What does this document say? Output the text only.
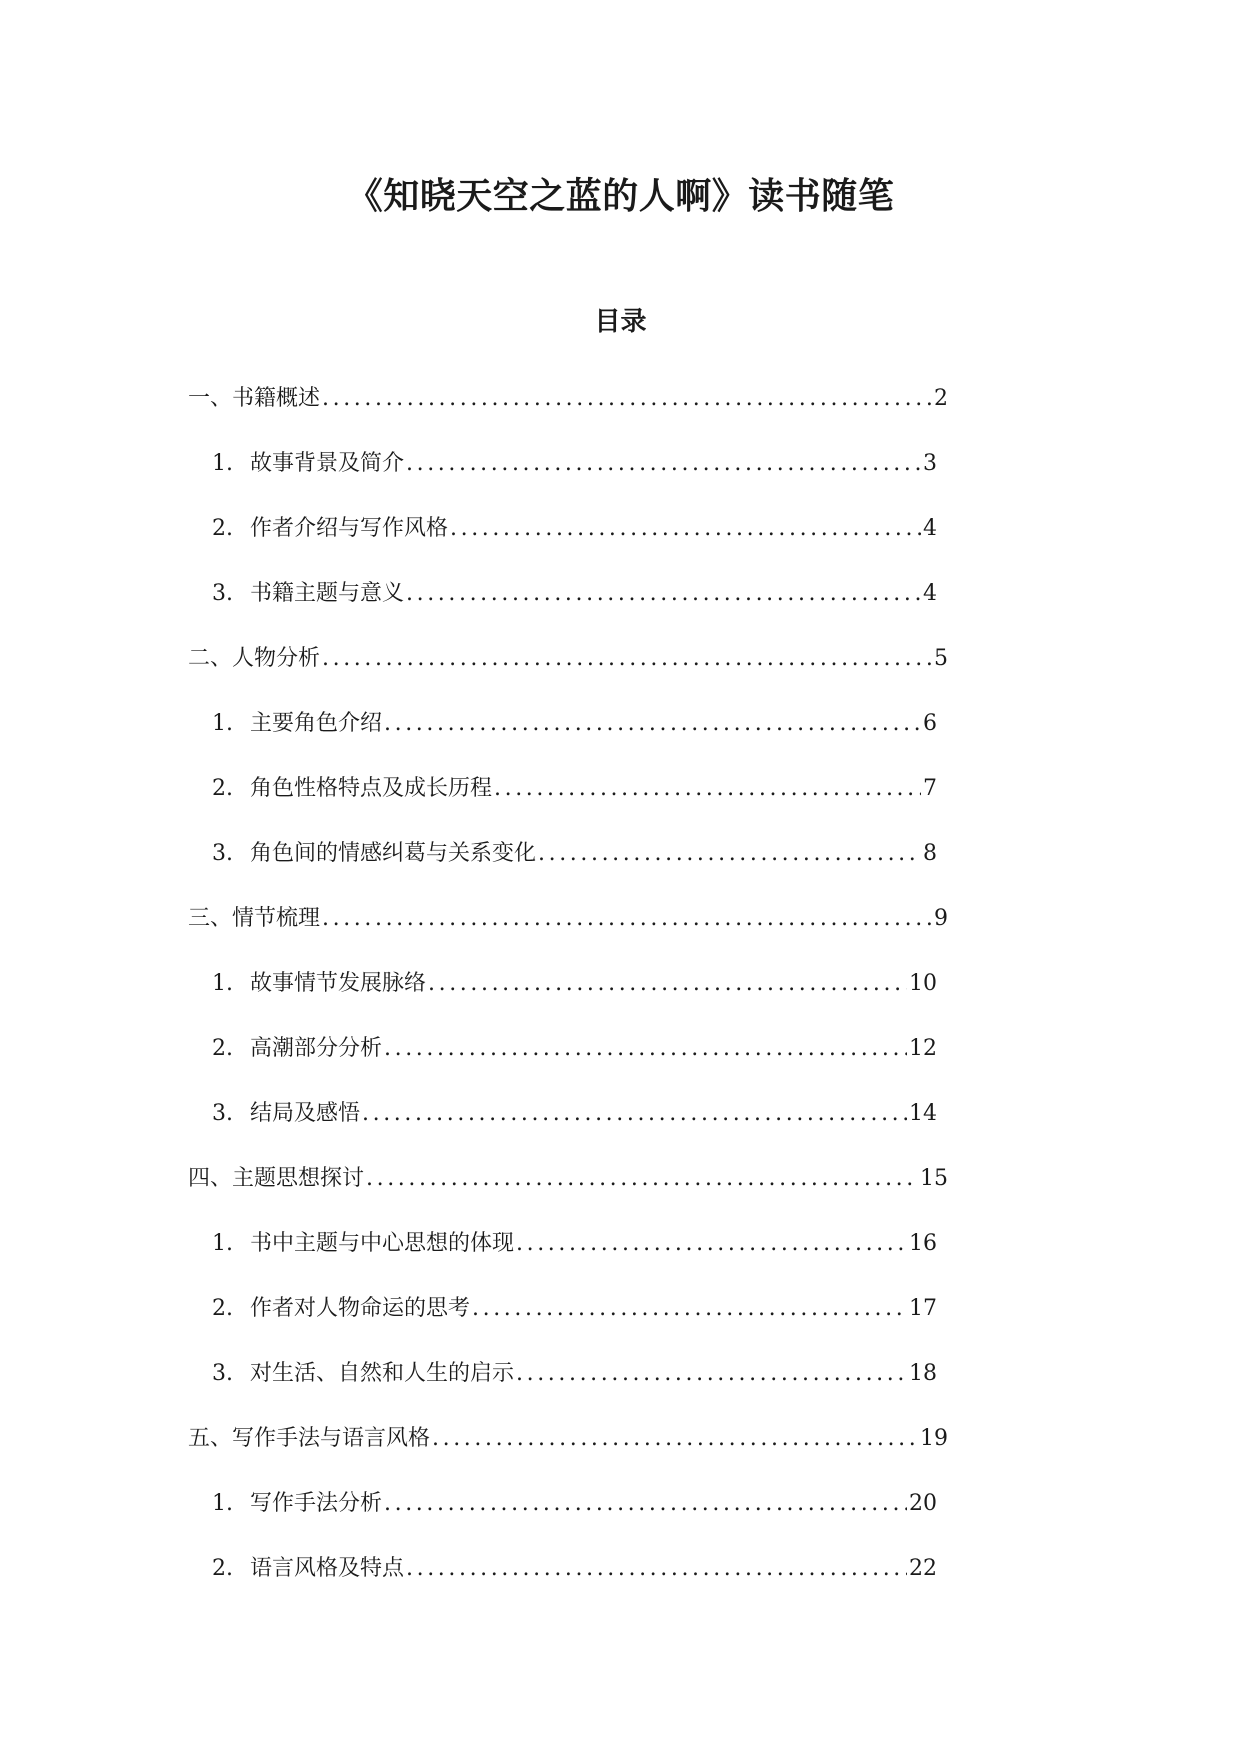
《知晓天空之蓝的人啊》读书随笔
目录
一、书籍概述 .....	2
1. 故事背景及简介 .....	3
2. 作者介绍与写作风格 .....	4
3. 书籍主题与意义 .....	4
二、人物分析 .....	5
1. 主要角色介绍 .....	6
2. 角色性格特点及成长历程 .....	7
3. 角色间的情感纠葛与关系变化 .....	8
三、情节梳理 .....	9
1. 故事情节发展脉络 .....	10
2. 高潮部分分析 .....	12
3. 结局及感悟 .....	14
四、主题思想探讨 .....	15
1. 书中主题与中心思想的体现 .....	16
2. 作者对人物命运的思考 .....	17
3. 对生活、自然和人生的启示 .....	18
五、写作手法与语言风格 .....	19
1. 写作手法分析 .....	20
2. 语言风格及特点 .....	22
